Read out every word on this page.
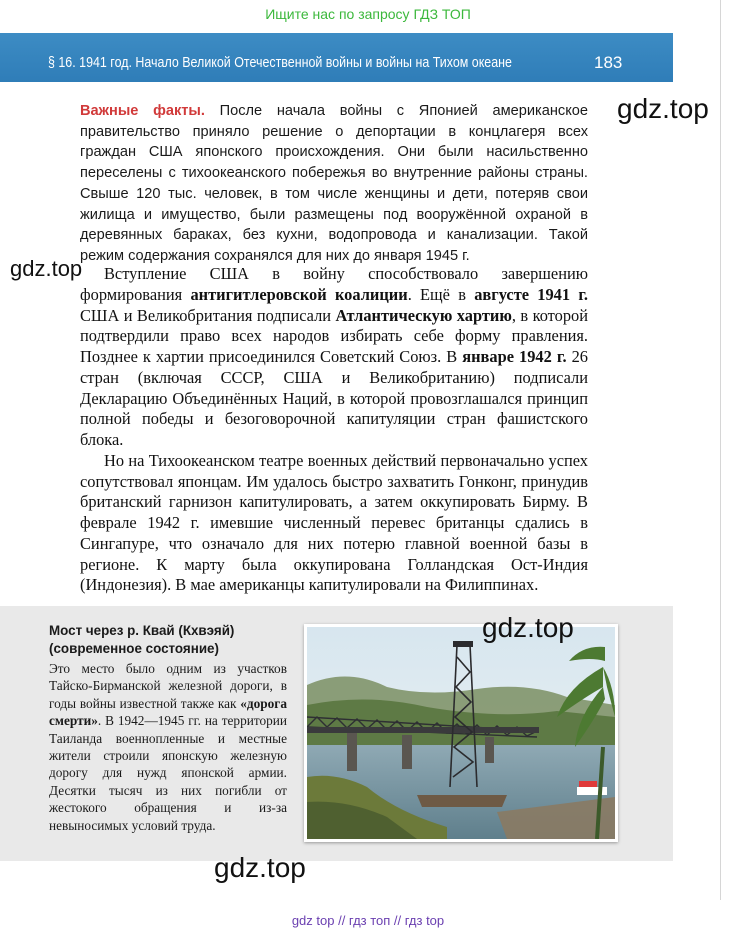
Ищите нас по запросу ГДЗ ТОП
§ 16. 1941 год. Начало Великой Отечественной войны и войны на Тихом океане	183
Важные факты. После начала войны с Японией американское правительство приняло решение о депортации в концлагеря всех граждан США японского происхождения. Они были насильственно переселены с тихоокеанского побережья во внутренние районы страны. Свыше 120 тыс. человек, в том числе женщины и дети, потеряв свои жилища и имущество, были размещены под вооружённой охраной в деревянных бараках, без кухни, водопровода и канализации. Такой режим содержания сохранялся для них до января 1945 г.

Вступление США в войну способствовало завершению формирования антигитлеровской коалиции. Ещё в августе 1941 г. США и Великобритания подписали Атлантическую хартию, в которой подтвердили право всех народов избирать себе форму правления. Позднее к хартии присоединился Советский Союз. В январе 1942 г. 26 стран (включая СССР, США и Великобританию) подписали Декларацию Объединённых Наций, в которой провозглашался принцип полной победы и безоговорочной капитуляции стран фашистского блока.

Но на Тихоокеанском театре военных действий первоначально успех сопутствовал японцам. Им удалось быстро захватить Гонконг, принудив британский гарнизон капитулировать, а затем оккупировать Бирму. В феврале 1942 г. имевшие численный перевес британцы сдались в Сингапуре, что означало для них потерю главной военной базы в регионе. К марту была оккупирована Голландская Ост-Индия (Индонезия). В мае американцы капитулировали на Филиппинах.

Мост через р. Квай (Кхвэяй) (современное состояние)
Это место было одним из участков Тайско-Бирманской железной дороги, в годы войны известной также как «дорога смерти». В 1942—1945 гг. на территории Таиланда военнопленные и местные жители строили японскую железную дорогу для нужд японской армии. Десятки тысяч из них погибли от жестокого обращения и из-за невыносимых условий труда.
gdz.top
gdz.top
gdz.top
gdz.top
gdz top // гдз топ // гдз top
